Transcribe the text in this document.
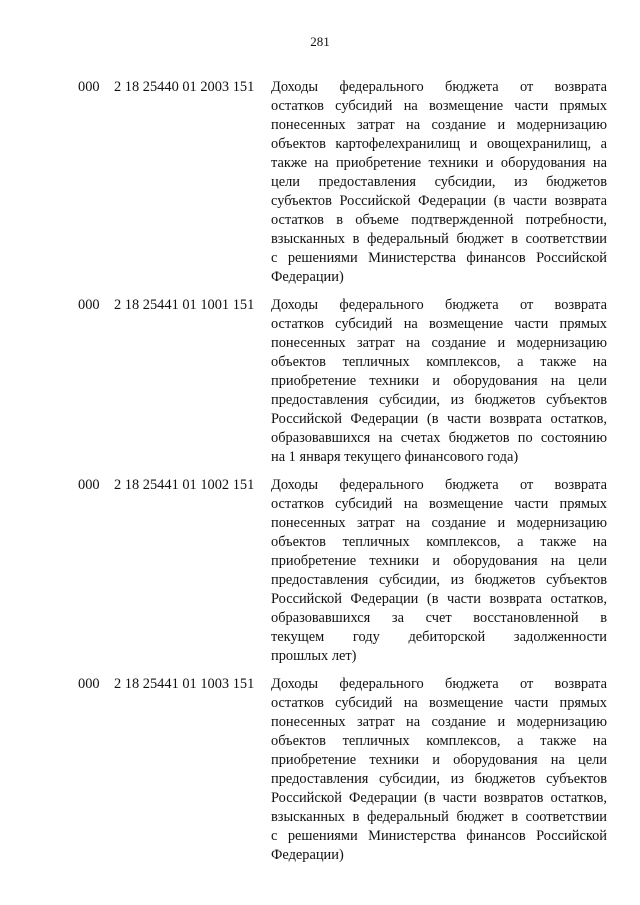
281
000 2 18 25440 01 2003 151 Доходы федерального бюджета от возврата
остатков субсидий на возмещение части прямых
понесенных затрат на создание и модернизацию
объектов картофелехранилищ и овощехранилищ, а
также на приобретение техники и оборудования на
цели предоставления субсидии, из бюджетов
субъектов Российской Федерации (в части возврата
остатков в объеме подтвержденной потребности,
взысканных в федеральный бюджет в соответствии
с решениями Министерства финансов Российской
Федерации)
000 2 18 25441 01 1001 151 Доходы федерального бюджета от возврата
остатков субсидий на возмещение части прямых
понесенных затрат на создание и модернизацию
объектов тепличных комплексов, а также на
приобретение техники и оборудования на цели
предоставления субсидии, из бюджетов субъектов
Российской Федерации (в части возврата остатков,
образовавшихся на счетах бюджетов по состоянию
на 1 января текущего финансового года)
000 2 18 25441 01 1002 151 Доходы федерального бюджета от возврата
остатков субсидий на возмещение части прямых
понесенных затрат на создание и модернизацию
объектов тепличных комплексов, а также на
приобретение техники и оборудования на цели
предоставления субсидии, из бюджетов субъектов
Российской Федерации (в части возврата остатков,
образовавшихся за счет восстановленной в
текущем году дебиторской задолженности
прошлых лет)
000 2 18 25441 01 1003 151 Доходы федерального бюджета от возврата
остатков субсидий на возмещение части прямых
понесенных затрат на создание и модернизацию
объектов тепличных комплексов, а также на
приобретение техники и оборудования на цели
предоставления субсидии, из бюджетов субъектов
Российской Федерации (в части возвратов остатков,
взысканных в федеральный бюджет в соответствии
с решениями Министерства финансов Российской
Федерации)
